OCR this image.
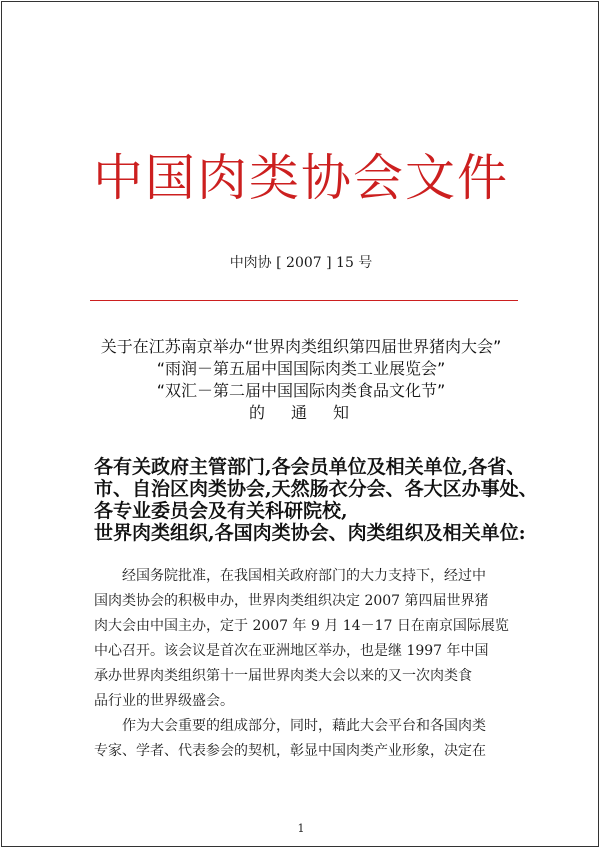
中国肉类协会文件
中肉协 [ 2007 ] 15 号
关于在江苏南京举办“世界肉类组织第四届世界猪肉大会”
“雨润－第五届中国国际肉类工业展览会”
“双汇－第二届中国国际肉类食品文化节”
的通知
各有关政府主管部门,各会员单位及相关单位,各省、
市、自治区肉类协会,天然肠衣分会、各大区办事处、
各专业委员会及有关科研院校,
世界肉类组织,各国肉类协会、肉类组织及相关单位:
经国务院批准，在我国相关政府部门的大力支持下，经过中
国肉类协会的积极申办，世界肉类组织决定 2007 第四届世界猪
肉大会由中国主办，定于 2007 年 9 月 14－17 日在南京国际展览
中心召开。该会议是首次在亚洲地区举办，也是继 1997 年中国
承办世界肉类组织第十一届世界肉类大会以来的又一次肉类食
品行业的世界级盛会。
作为大会重要的组成部分，同时，藉此大会平台和各国肉类
专家、学者、代表参会的契机，彰显中国肉类产业形象，决定在
1
